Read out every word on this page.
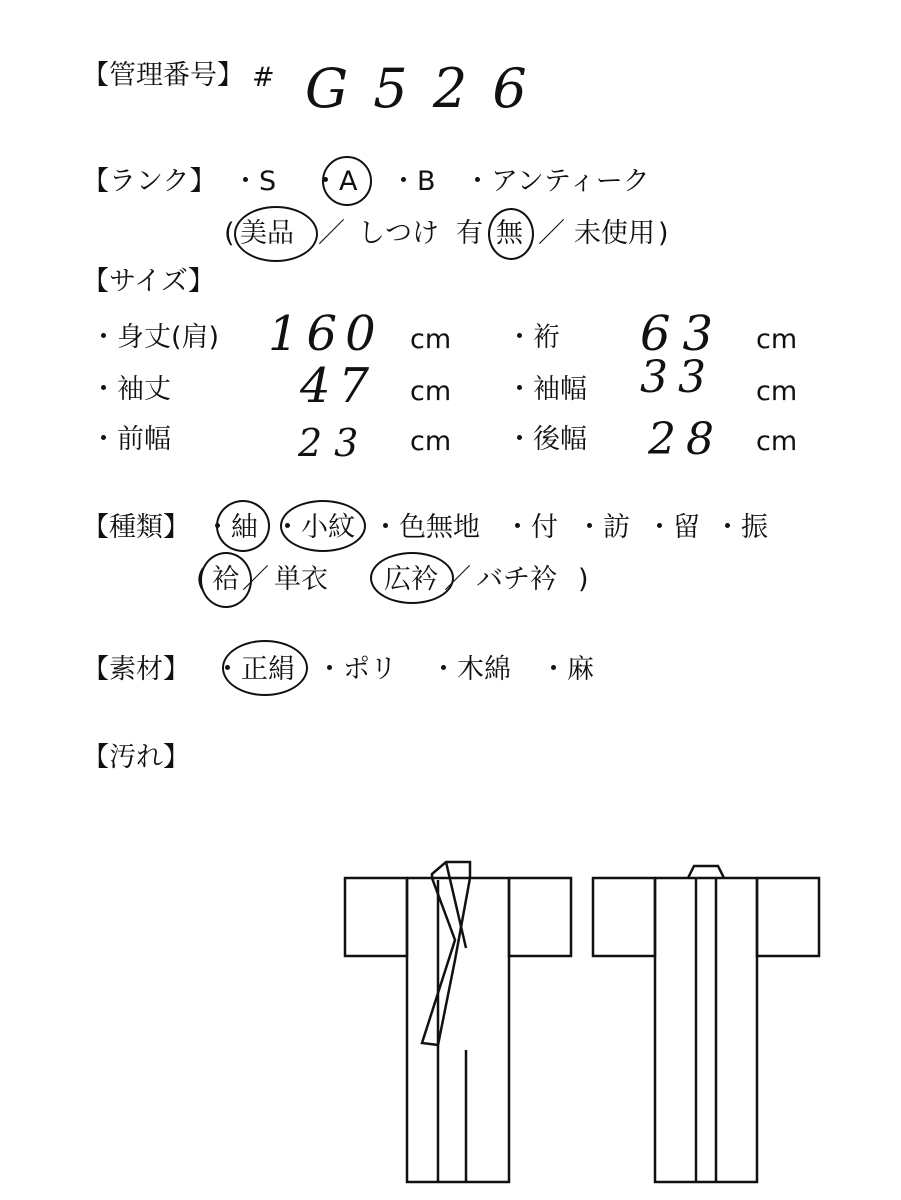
【管理番号】 # G 5 2 6
【ランク】 ・S ・A ・B ・アンティーク
( 美品 ／ しつけ 有 無 ／ 未使用 )
【サイズ】
・身丈(肩) 160 cm ・裄 63 cm
・袖丈	47 cm ・袖幅 33 cm
・前幅	23 cm ・後幅 28 cm
【種類】 ・紬 ・小紋 ・色無地 ・付 ・訪 ・留 ・振
( 袷 ／ 単衣 広衿 ／ バチ衿 )
【素材】 ・正絹 ・ポリ ・木綿 ・麻
【汚れ】
